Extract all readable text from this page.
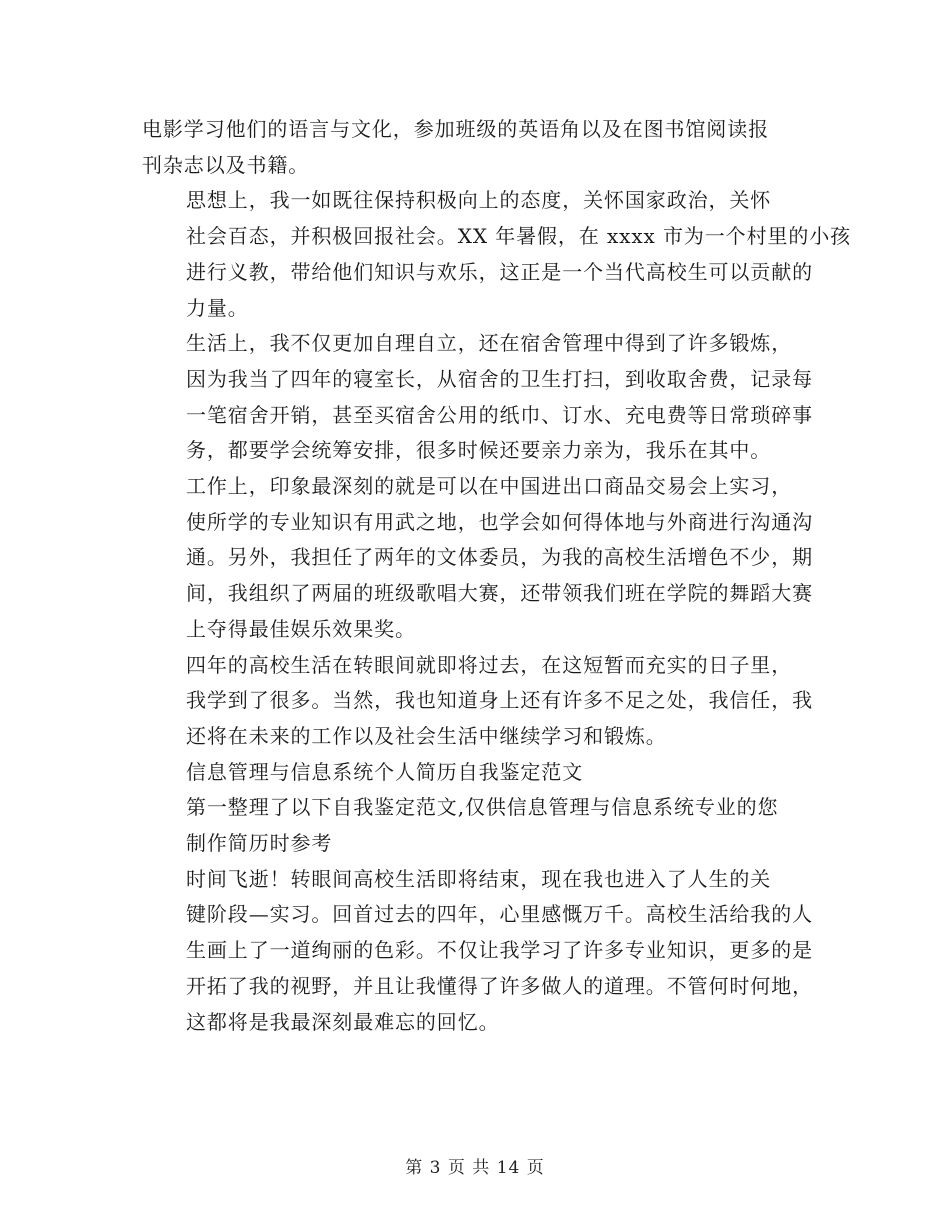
电影学习他们的语言与文化，参加班级的英语角以及在图书馆阅读报
刊杂志以及书籍。

思想上，我一如既往保持积极向上的态度，关怀国家政治，关怀
社会百态，并积极回报社会。XX 年暑假，在 xxxx 市为一个村里的小孩
进行义教，带给他们知识与欢乐，这正是一个当代高校生可以贡献的
力量。

生活上，我不仅更加自理自立，还在宿舍管理中得到了许多锻炼，
因为我当了四年的寝室长，从宿舍的卫生打扫，到收取舍费，记录每
一笔宿舍开销，甚至买宿舍公用的纸巾、订水、充电费等日常琐碎事
务，都要学会统筹安排，很多时候还要亲力亲为，我乐在其中。

工作上，印象最深刻的就是可以在中国进出口商品交易会上实习，
使所学的专业知识有用武之地，也学会如何得体地与外商进行沟通沟
通。另外，我担任了两年的文体委员，为我的高校生活增色不少，期
间，我组织了两届的班级歌唱大赛，还带领我们班在学院的舞蹈大赛
上夺得最佳娱乐效果奖。

四年的高校生活在转眼间就即将过去，在这短暂而充实的日子里，
我学到了很多。当然，我也知道身上还有许多不足之处，我信任，我
还将在未来的工作以及社会生活中继续学习和锻炼。

信息管理与信息系统个人简历自我鉴定范文

第一整理了以下自我鉴定范文,仅供信息管理与信息系统专业的您
制作简历时参考

时间飞逝！转眼间高校生活即将结束，现在我也进入了人生的关
键阶段—实习。回首过去的四年，心里感慨万千。高校生活给我的人
生画上了一道绚丽的色彩。不仅让我学习了许多专业知识，更多的是
开拓了我的视野，并且让我懂得了许多做人的道理。不管何时何地，
这都将是我最深刻最难忘的回忆。

第 3 页 共 14 页
